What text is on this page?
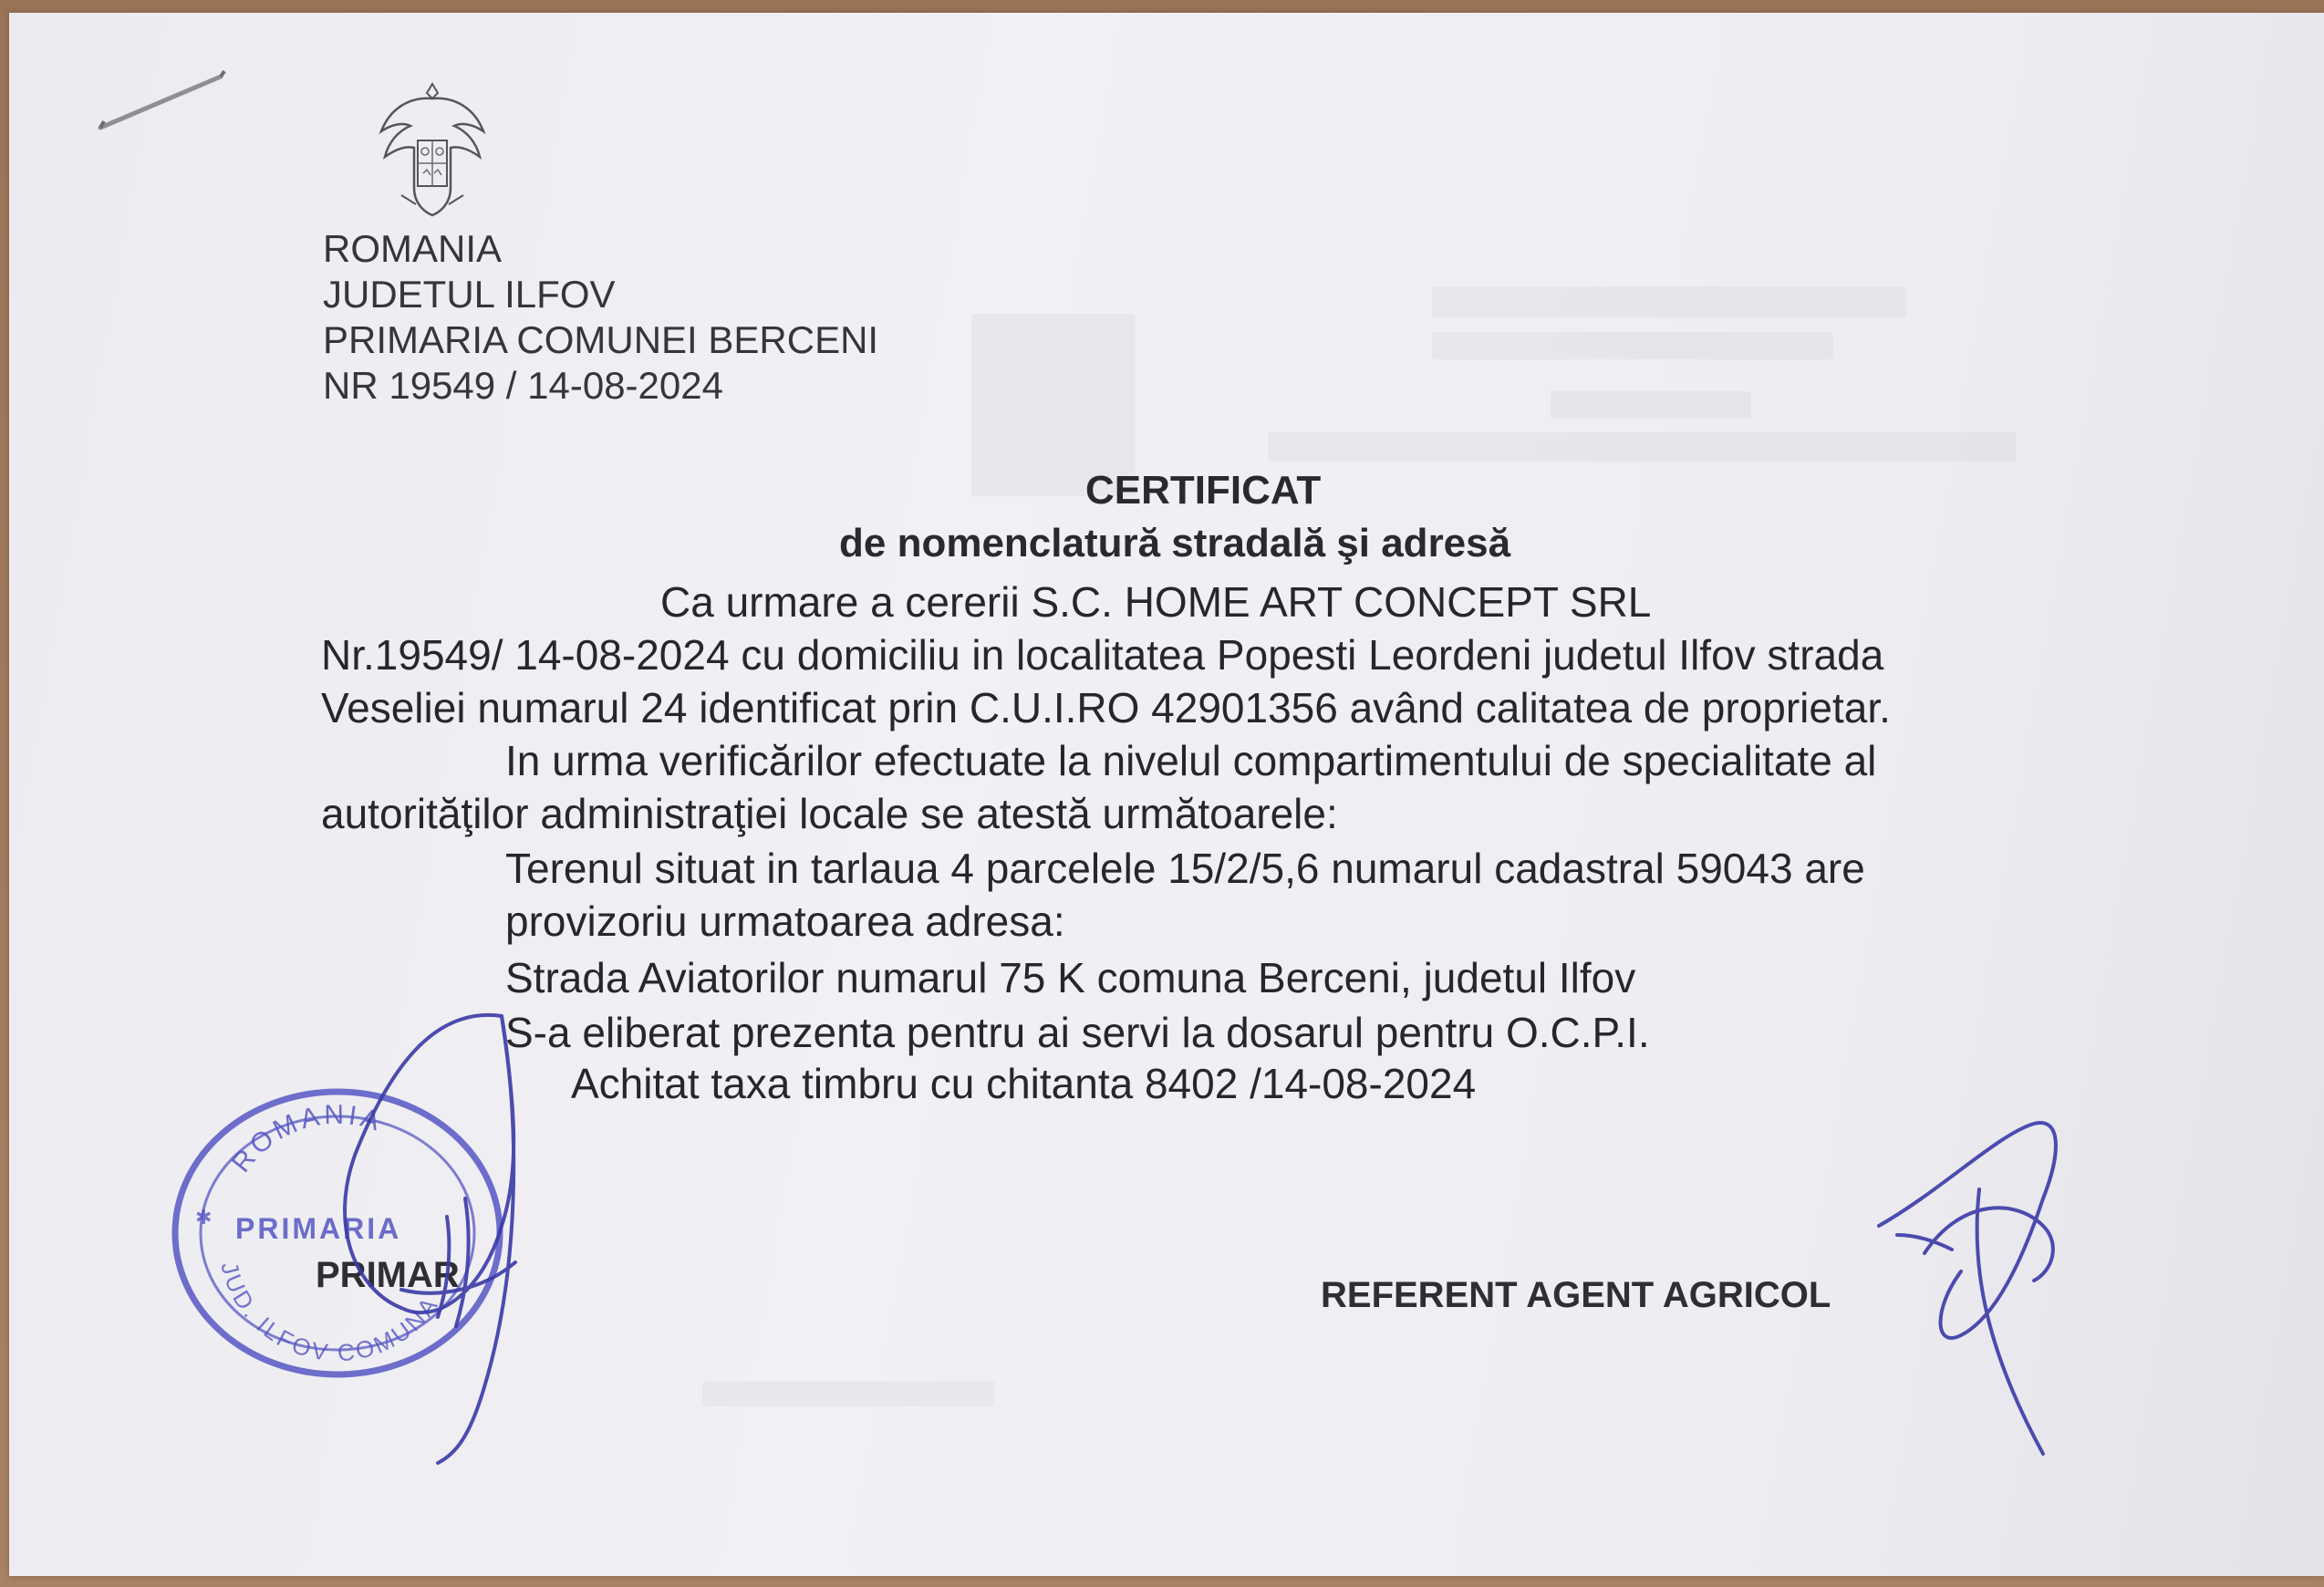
ROMANIA

JUDETUL ILFOV

PRIMARIA COMUNEI BERCENI

NR 19549 / 14-08-2024

CERTIFICAT

de nomenclatură stradală şi adresă

Ca urmare a cererii S.C. HOME ART CONCEPT SRL

Nr.19549/ 14-08-2024 cu domiciliu in localitatea Popesti Leordeni judetul Ilfov strada

Veseliei numarul 24 identificat prin C.U.I.RO 42901356 având calitatea de proprietar.

In urma verificărilor efectuate la nivelul compartimentului de specialitate al

autorităţilor administraţiei locale se atestă următoarele:

Terenul situat in tarlaua 4 parcelele 15/2/5,6 numarul cadastral 59043 are

provizoriu urmatoarea adresa:

Strada Aviatorilor numarul 75 K comuna Berceni, judetul Ilfov

S-a eliberat prezenta pentru ai servi la dosarul pentru O.C.P.I.

Achitat taxa timbru cu chitanta 8402 /14-08-2024

PRIMAR	REFERENT AGENT AGRICOL

ROMANIA
PRIMARIA
JUD. ILFOV COMUNA
✱
